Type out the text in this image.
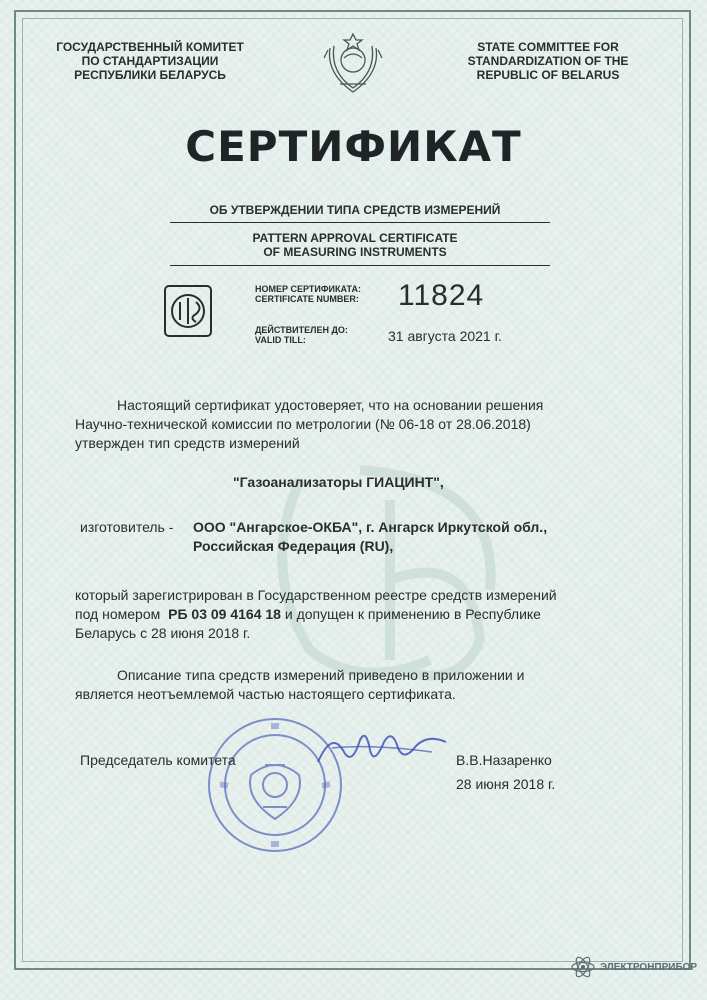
ГОСУДАРСТВЕННЫЙ КОМИТЕТ
ПО СТАНДАРТИЗАЦИИ
РЕСПУБЛИКИ БЕЛАРУСЬ
STATE COMMITTEE FOR
STANDARDIZATION OF THE
REPUBLIC OF BELARUS
СЕРТИФИКАТ
ОБ УТВЕРЖДЕНИИ ТИПА СРЕДСТВ ИЗМЕРЕНИЙ
PATTERN APPROVAL CERTIFICATE
OF MEASURING INSTRUMENTS
НОМЕР СЕРТИФИКАТА:
CERTIFICATE NUMBER: 11824
ДЕЙСТВИТЕЛЕН ДО:
VALID TILL:	31 августа 2021 г.
Настоящий сертификат удостоверяет, что на основании решения
Научно-технической комиссии по метрологии (№ 06-18 от 28.06.2018)
утвержден тип средств измерений
"Газоанализаторы ГИАЦИНТ",
изготовитель - ООО "Ангарское-ОКБА", г. Ангарск Иркутской обл.,
Российская Федерация (RU),
который зарегистрирован в Государственном реестре средств измерений
под номером РБ 03 09 4164 18 и допущен к применению в Республике
Беларусь с 28 июня 2018 г.
Описание типа средств измерений приведено в приложении и
является неотъемлемой частью настоящего сертификата.
Председатель комитета	В.В.Назаренко
28 июня 2018 г.
ЭЛЕКТРОНПРИБОР
